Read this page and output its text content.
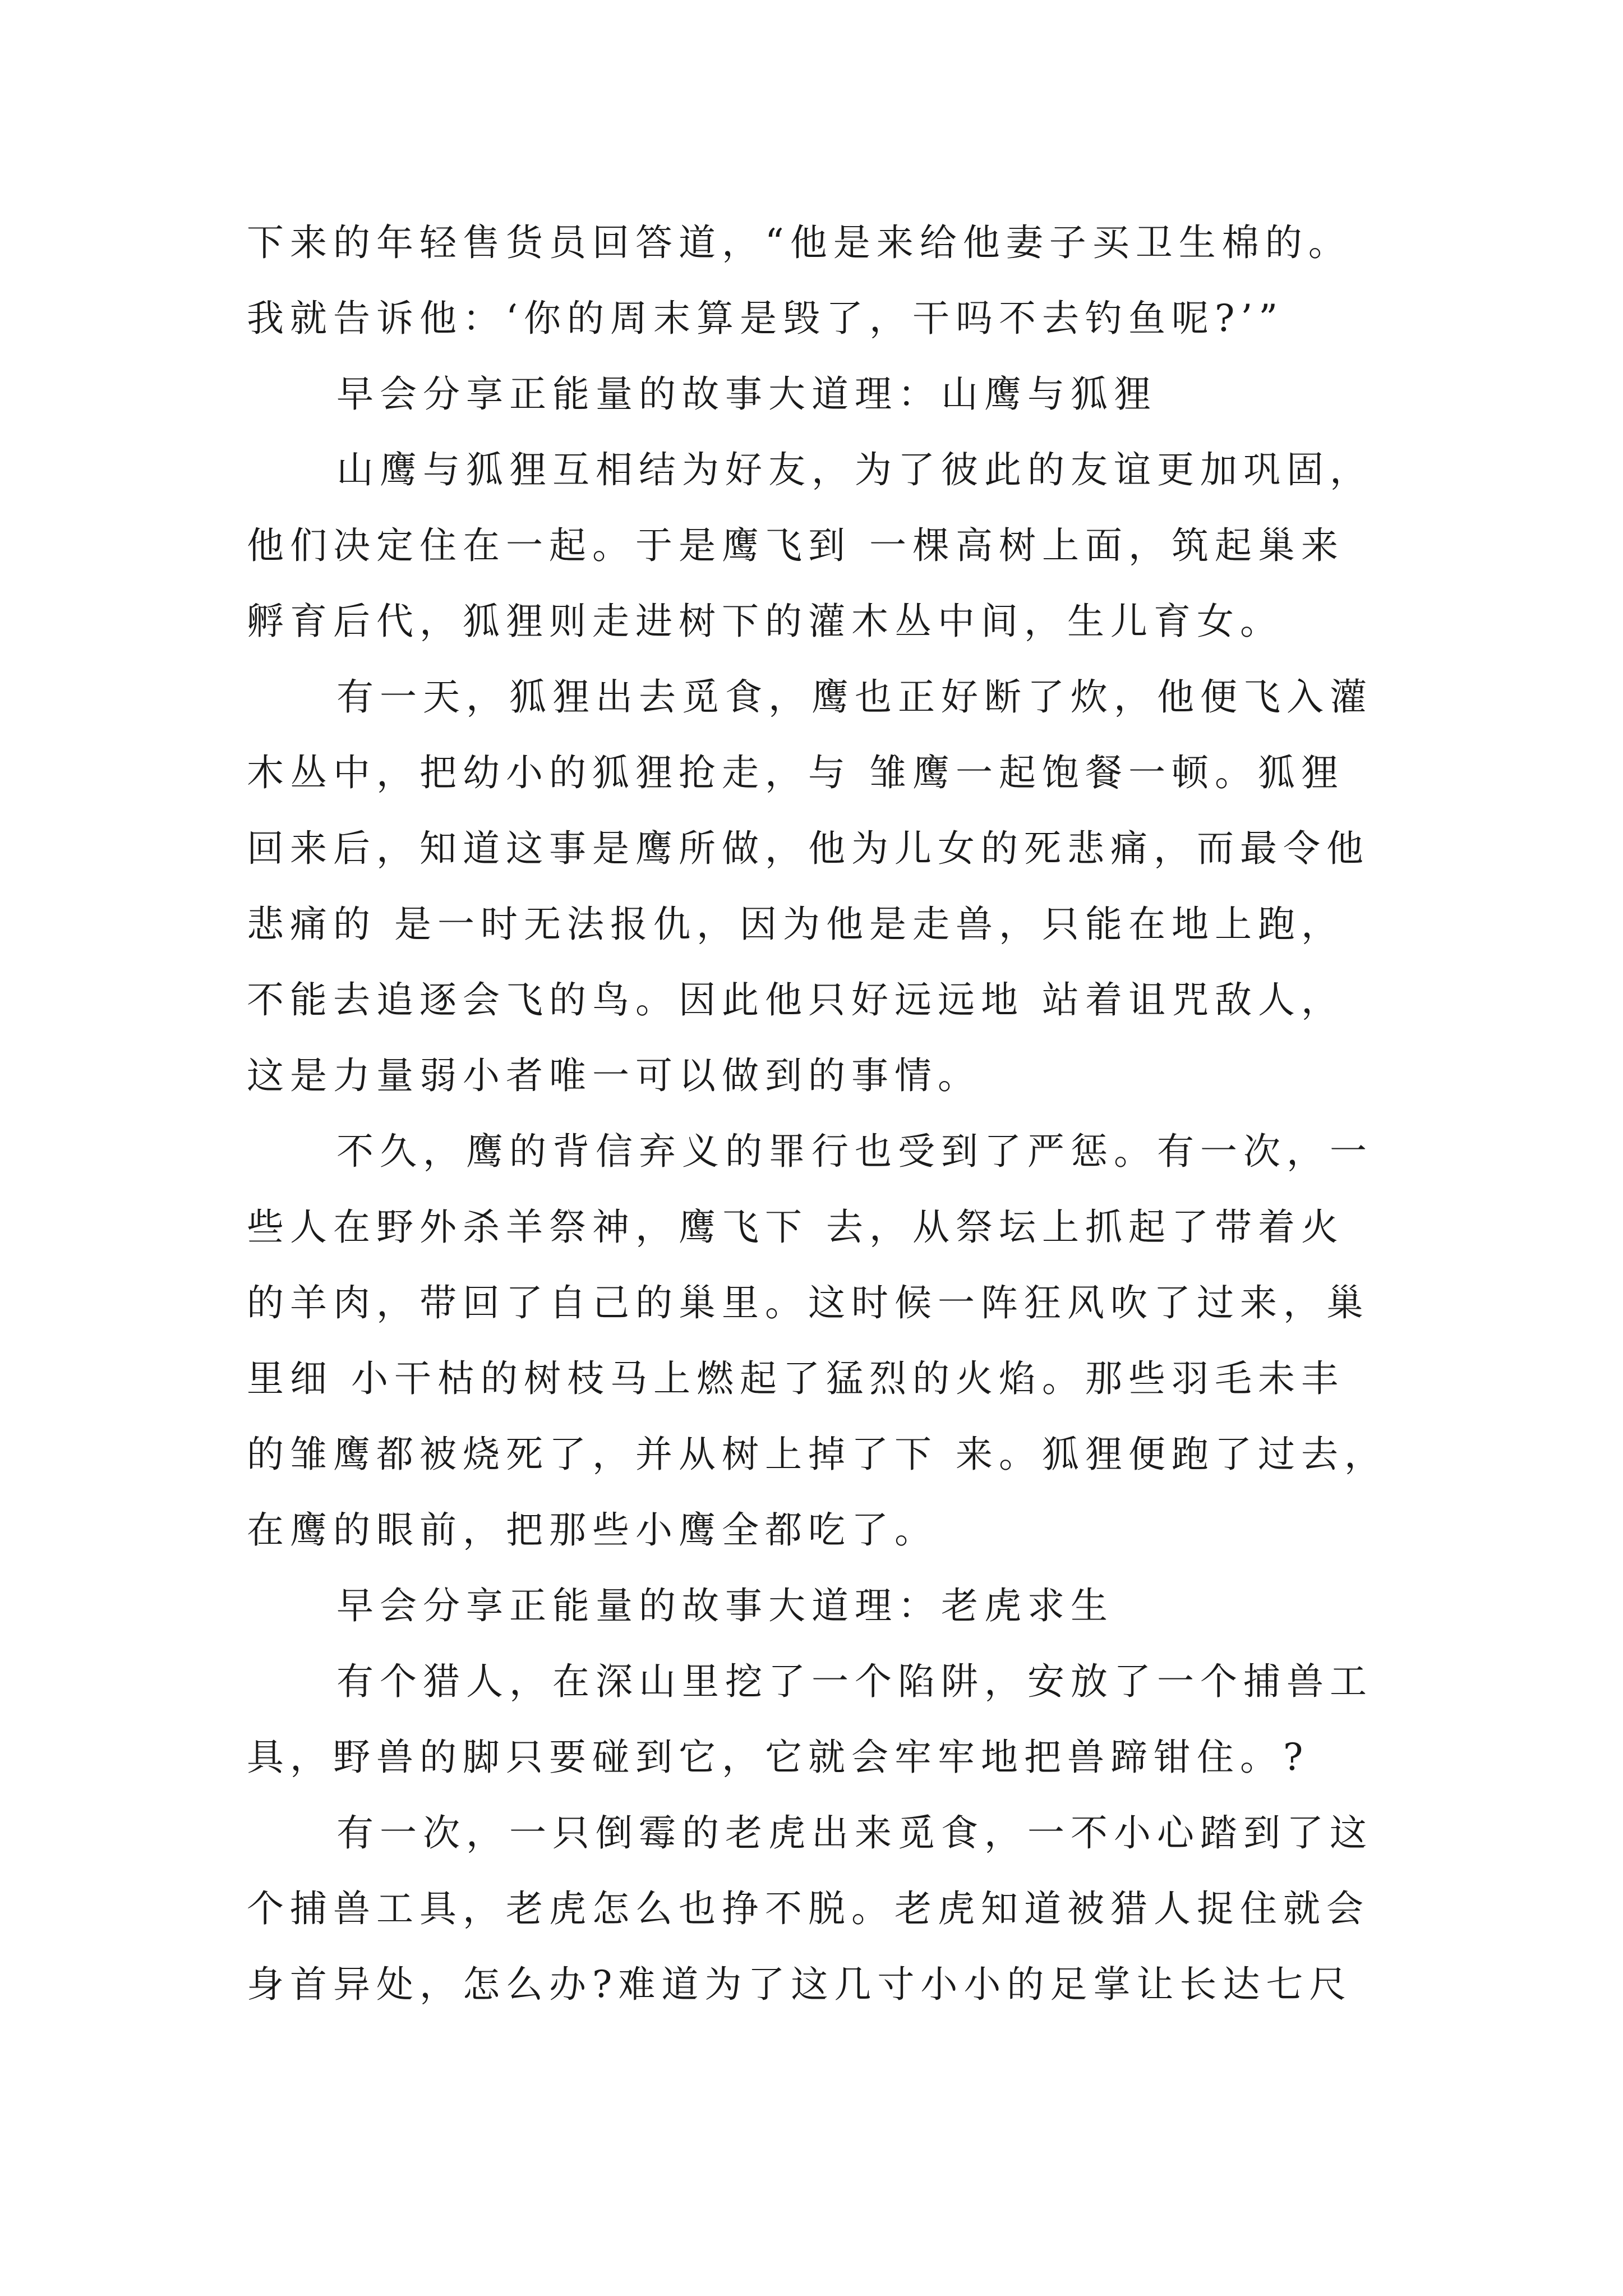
下来的年轻售货员回答道，“他是来给他妻子买卫生棉的。
我就告诉他：‘你的周末算是毁了，干吗不去钓鱼呢?’”
早会分享正能量的故事大道理：山鹰与狐狸
山鹰与狐狸互相结为好友，为了彼此的友谊更加巩固，
他们决定住在一起。于是鹰飞到 一棵高树上面，筑起巢来
孵育后代，狐狸则走进树下的灌木丛中间，生儿育女。
有一天，狐狸出去觅食，鹰也正好断了炊，他便飞入灌
木丛中，把幼小的狐狸抢走，与 雏鹰一起饱餐一顿。狐狸
回来后，知道这事是鹰所做，他为儿女的死悲痛，而最令他
悲痛的 是一时无法报仇，因为他是走兽，只能在地上跑，
不能去追逐会飞的鸟。因此他只好远远地 站着诅咒敌人，
这是力量弱小者唯一可以做到的事情。
不久，鹰的背信弃义的罪行也受到了严惩。有一次，一
些人在野外杀羊祭神，鹰飞下 去，从祭坛上抓起了带着火
的羊肉，带回了自己的巢里。这时候一阵狂风吹了过来，巢
里细 小干枯的树枝马上燃起了猛烈的火焰。那些羽毛未丰
的雏鹰都被烧死了，并从树上掉了下 来。狐狸便跑了过去，
在鹰的眼前，把那些小鹰全都吃了。
早会分享正能量的故事大道理：老虎求生
有个猎人，在深山里挖了一个陷阱，安放了一个捕兽工
具，野兽的脚只要碰到它，它就会牢牢地把兽蹄钳住。?
有一次，一只倒霉的老虎出来觅食，一不小心踏到了这
个捕兽工具，老虎怎么也挣不脱。老虎知道被猎人捉住就会
身首异处，怎么办?难道为了这几寸小小的足掌让长达七尺
